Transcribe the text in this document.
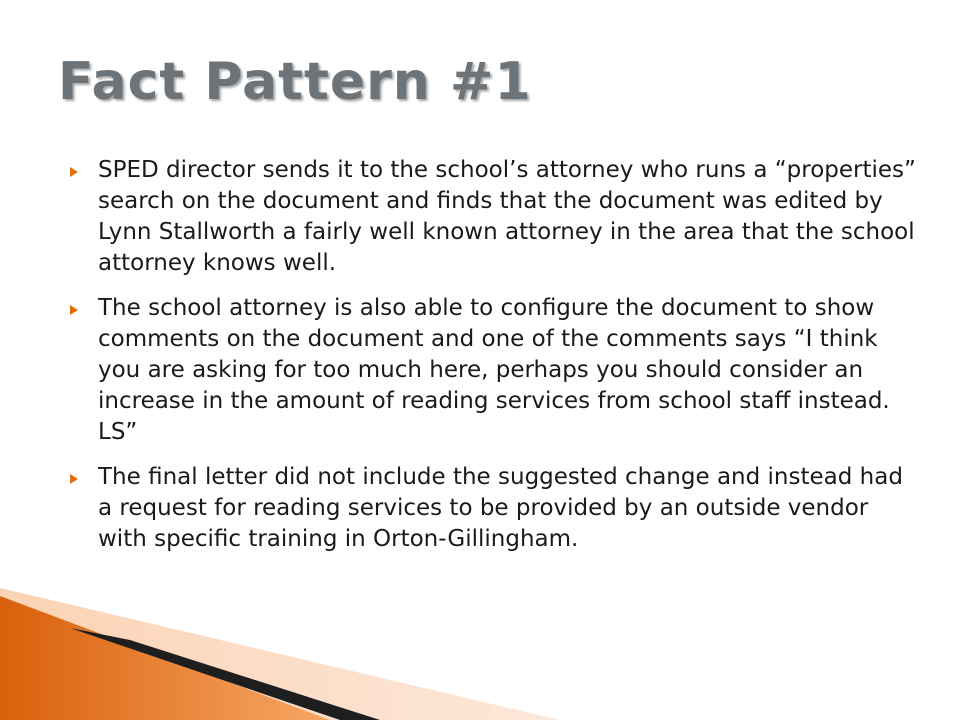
Fact Pattern #1
SPED director sends it to the school’s attorney who runs a “properties” search on the document and finds that the document was edited by Lynn Stallworth a fairly well known attorney in the area that the school attorney knows well.
The school attorney is also able to configure the document to show comments on the document and one of the comments says “I think you are asking for too much here, perhaps you should consider an increase in the amount of reading services from school staff instead. LS”
The final letter did not include the suggested change and instead had a request for reading services to be provided by an outside vendor with specific training in Orton-Gillingham.
